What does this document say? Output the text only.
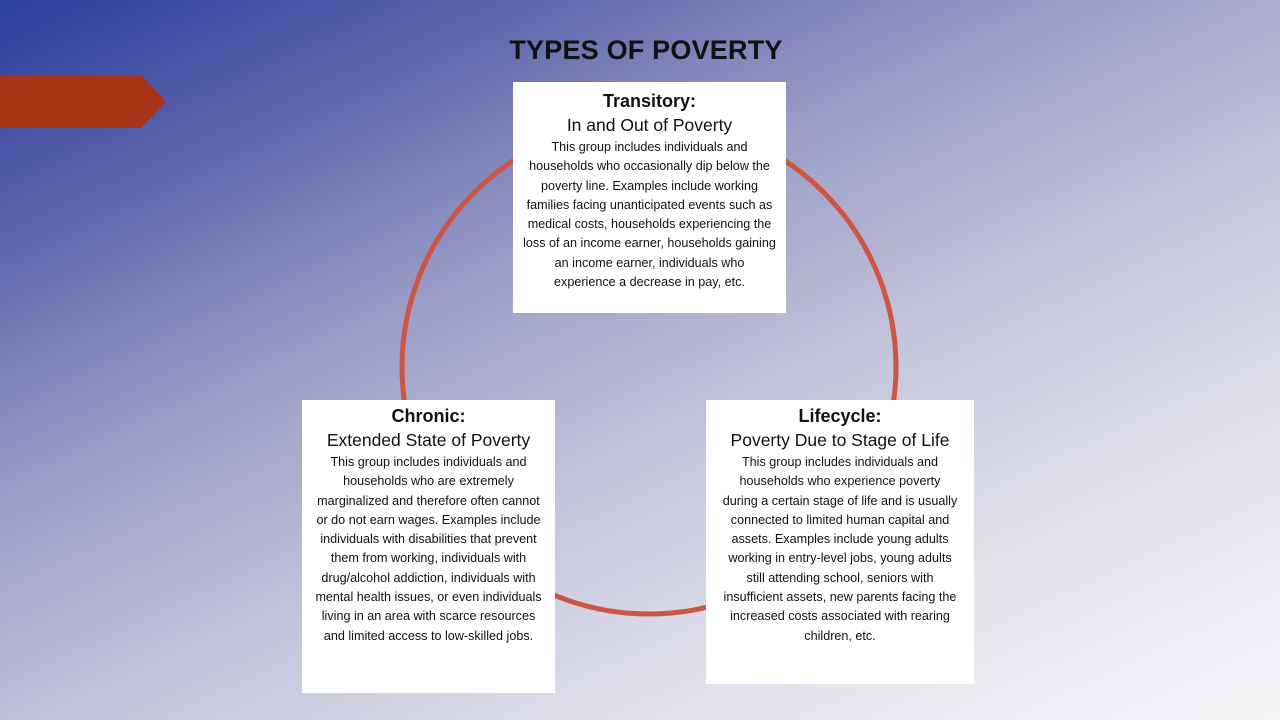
TYPES OF POVERTY
Transitory:
In and Out of Poverty
This group includes individuals and households who occasionally dip below the poverty line. Examples include working families facing unanticipated events such as medical costs, households experiencing the loss of an income earner, households gaining an income earner, individuals who experience a decrease in pay, etc.
Chronic:
Extended State of Poverty
This group includes individuals and households who are extremely marginalized and therefore often cannot or do not earn wages. Examples include individuals with disabilities that prevent them from working, individuals with drug/alcohol addiction, individuals with mental health issues, or even individuals living in an area with scarce resources and limited access to low-skilled jobs.
Lifecycle:
Poverty Due to Stage of Life
This group includes individuals and households who experience poverty during a certain stage of life and is usually connected to limited human capital and assets. Examples include young adults working in entry-level jobs, young adults still attending school, seniors with insufficient assets, new parents facing the increased costs associated with rearing children, etc.
